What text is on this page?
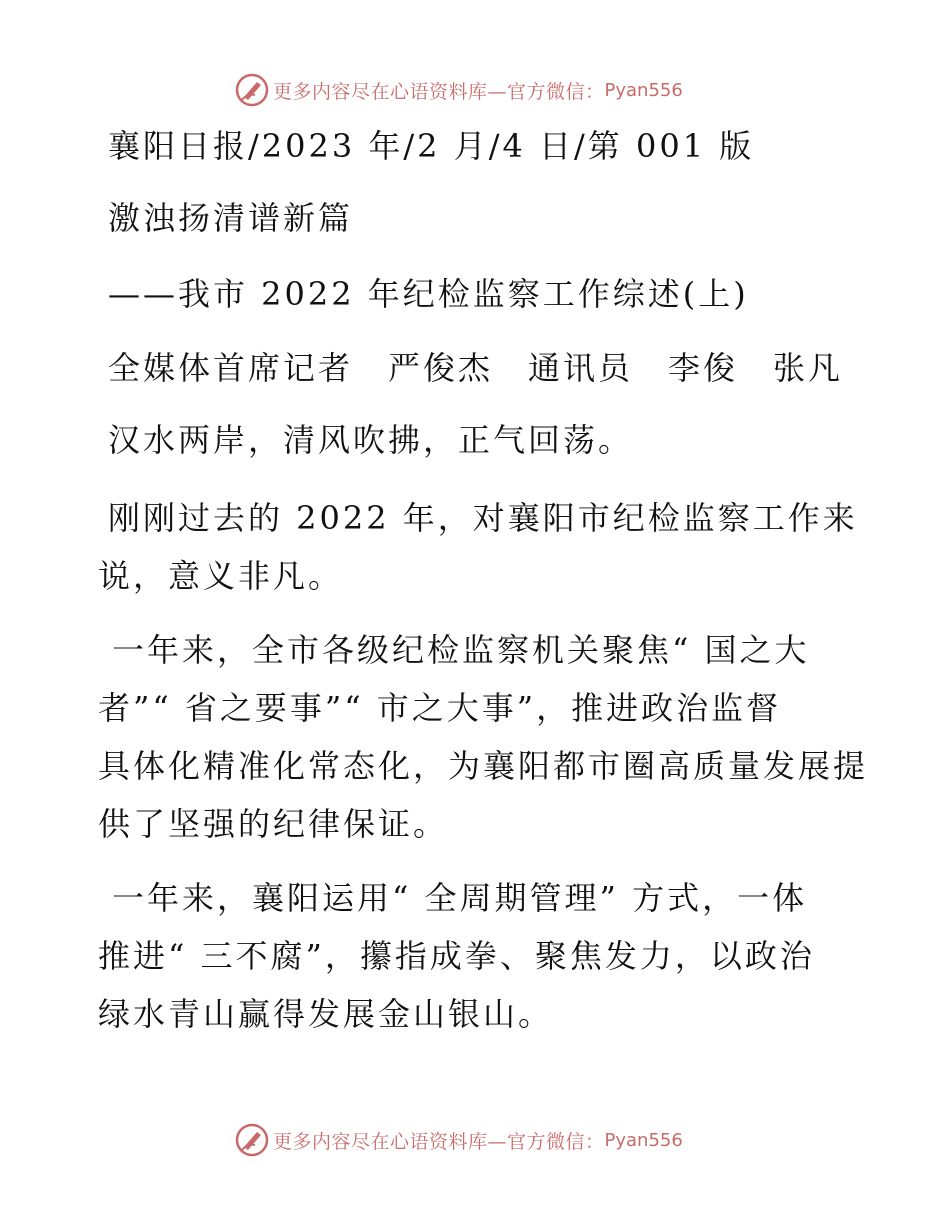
更多内容尽在心语资料库—官方微信： Pyan556
襄阳日报/2023 年/2 月/4 日/第 001 版
激浊扬清谱新篇
——我市 2022 年纪检监察工作综述(上)
全媒体首席记者　严俊杰　通讯员　李俊　张凡
汉水两岸，清风吹拂，正气回荡。
刚刚过去的 2022 年，对襄阳市纪检监察工作来
说，意义非凡。
一年来，全市各级纪检监察机关聚焦“ 国之大
者”“ 省之要事”“ 市之大事”，推进政治监督
具体化精准化常态化，为襄阳都市圈高质量发展提
供了坚强的纪律保证。
一年来，襄阳运用“ 全周期管理” 方式，一体
推进“ 三不腐”，攥指成拳、聚焦发力，以政治
绿水青山赢得发展金山银山。
更多内容尽在心语资料库—官方微信： Pyan556
